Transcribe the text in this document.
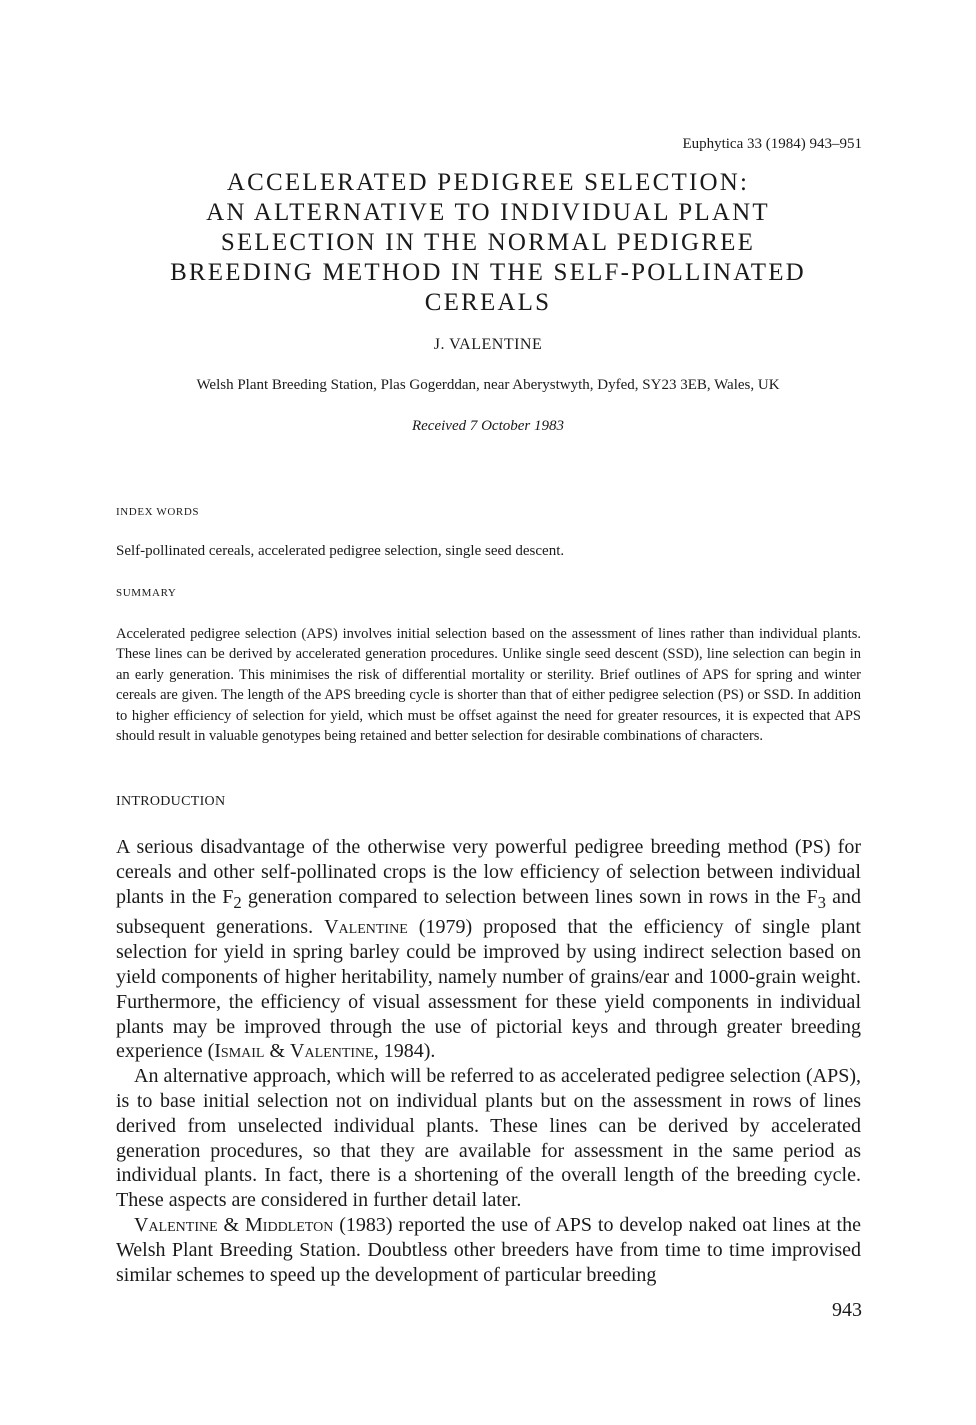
Euphytica 33 (1984) 943–951
ACCELERATED PEDIGREE SELECTION:
AN ALTERNATIVE TO INDIVIDUAL PLANT
SELECTION IN THE NORMAL PEDIGREE
BREEDING METHOD IN THE SELF-POLLINATED
CEREALS
J. VALENTINE
Welsh Plant Breeding Station, Plas Gogerddan, near Aberystwyth, Dyfed, SY23 3EB, Wales, UK
Received 7 October 1983
INDEX WORDS
Self-pollinated cereals, accelerated pedigree selection, single seed descent.
SUMMARY

Accelerated pedigree selection (APS) involves initial selection based on the assessment of lines rather than individual plants. These lines can be derived by accelerated generation procedures. Unlike single seed descent (SSD), line selection can begin in an early generation. This minimises the risk of differential mortality or sterility. Brief outlines of APS for spring and winter cereals are given. The length of the APS breeding cycle is shorter than that of either pedigree selection (PS) or SSD. In addition to higher efficiency of selection for yield, which must be offset against the need for greater resources, it is expected that APS should result in valuable genotypes being retained and better selection for desirable combinations of characters.

INTRODUCTION

A serious disadvantage of the otherwise very powerful pedigree breeding method (PS) for cereals and other self-pollinated crops is the low efficiency of selection between individual plants in the $F_2$ generation compared to selection between lines sown in rows in the $F_3$ and subsequent generations. Valentine (1979) proposed that the efficiency of single plant selection for yield in spring barley could be improved by using indirect selection based on yield components of higher heritability, namely number of grains/ear and 1000-grain weight. Furthermore, the efficiency of visual assessment for these yield components in individual plants may be improved through the use of pictorial keys and through greater breeding experience (Ismail & Valentine, 1984).

An alternative approach, which will be referred to as accelerated pedigree selection (APS), is to base initial selection not on individual plants but on the assessment in rows of lines derived from unselected individual plants. These lines can be derived by accelerated generation procedures, so that they are available for assessment in the same period as individual plants. In fact, there is a shortening of the overall length of the breeding cycle. These aspects are considered in further detail later.

Valentine & Middleton (1983) reported the use of APS to develop naked oat lines at the Welsh Plant Breeding Station. Doubtless other breeders have from time to time improvised similar schemes to speed up the development of particular breeding

943
